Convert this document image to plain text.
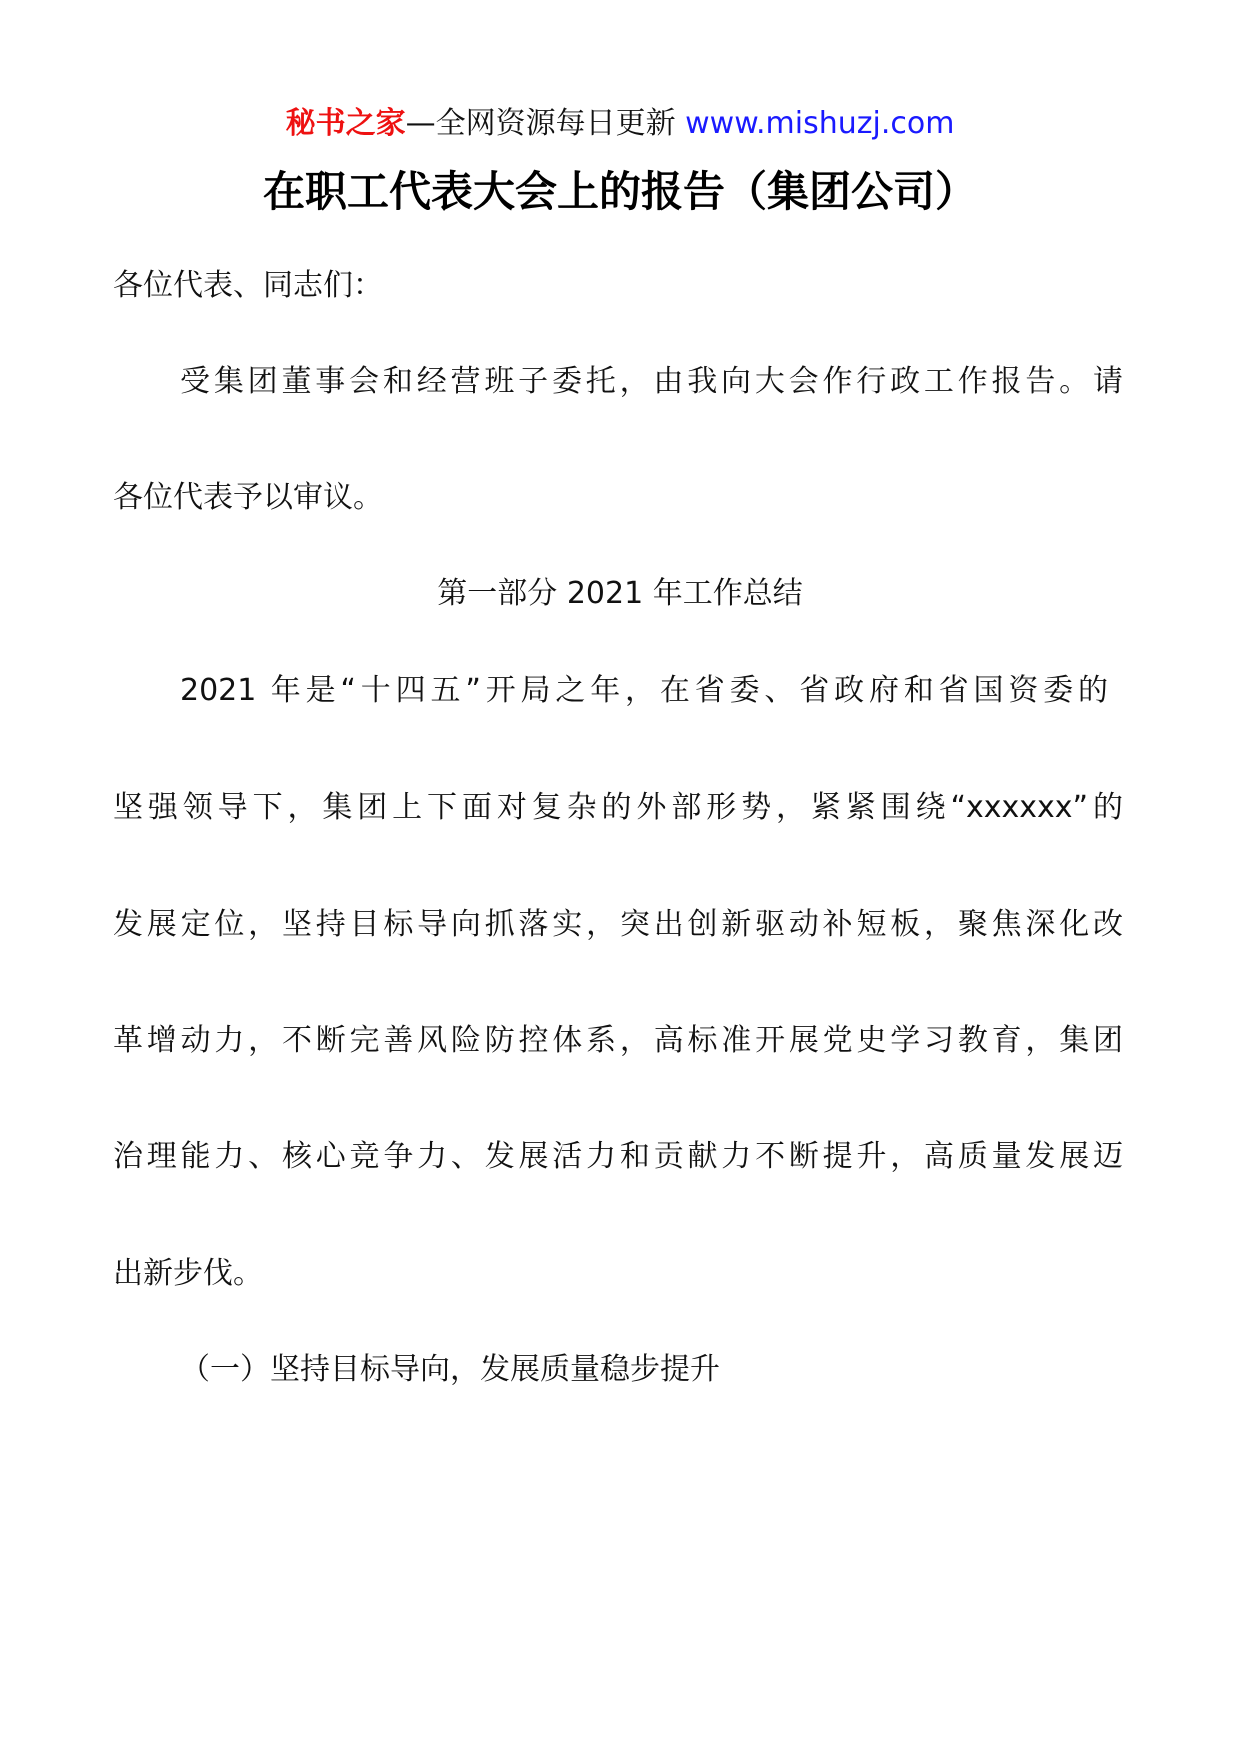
秘书之家—全网资源每日更新 www.mishuzj.com
在职工代表大会上的报告（集团公司）
各位代表、同志们：
受集团董事会和经营班子委托，由我向大会作行政工作报告。请
各位代表予以审议。
第一部分 2021 年工作总结
2021 年是“十四五”开局之年，在省委、省政府和省国资委的
坚强领导下，集团上下面对复杂的外部形势，紧紧围绕“xxxxxx”的
发展定位，坚持目标导向抓落实，突出创新驱动补短板，聚焦深化改
革增动力，不断完善风险防控体系，高标准开展党史学习教育，集团
治理能力、核心竞争力、发展活力和贡献力不断提升，高质量发展迈
出新步伐。
（一）坚持目标导向，发展质量稳步提升
